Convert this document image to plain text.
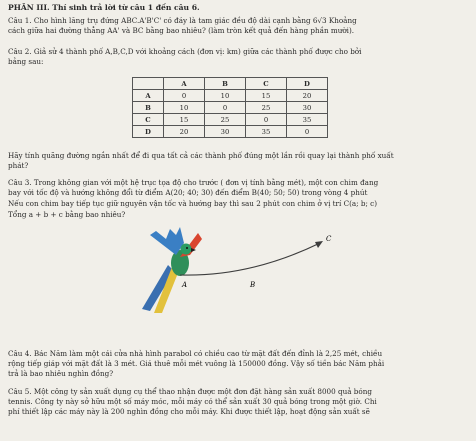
PHẦN III. Thí sinh trả lời từ câu 1 đến câu 6.
Câu 1. Cho hình lăng trụ đứng ABC.A'B'C' có đáy là tam giác đều độ dài cạnh bằng 6√3 Khoảng
cách giữa hai đường thẳng AA' và BC bằng bao nhiêu? (làm tròn kết quả đến hàng phần mười).
Câu 2. Giả sử 4 thành phố A,B,C,D với khoảng cách (đơn vị: km) giữa các thành phố được cho bởi
bảng sau:
	A	B	C	D
A	0	10	15	20
B	10	0	25	30
C	15	25	0	35
D	20	30	35	0
Hãy tính quãng đường ngắn nhất để đi qua tất cả các thành phố đúng một lần rồi quay lại thành phố xuất
phát?
Câu 3. Trong không gian với một hệ trục tọa độ cho trước ( đơn vị tính bằng mét), một con chim đang
bay với tốc độ và hướng không đổi từ điểm A(20; 40; 30) đến điểm B(40; 50; 50) trong vòng 4 phút
Nếu con chim bay tiếp tục giữ nguyên vận tốc và hướng bay thì sau 2 phút con chim ở vị trí C(a; b; c)
Tổng a + b + c bằng bao nhiêu?
A	B
C
Câu 4. Bác Năm làm một cái cửa nhà hình parabol có chiều cao từ mặt đất đến đỉnh là 2,25 mét, chiều
rộng tiếp giáp với mặt đất là 3 mét. Giá thuê mỗi mét vuông là 150000 đồng. Vậy số tiền bác Năm phải
trả là bao nhiêu nghìn đồng?
Câu 5. Một công ty sản xuất dụng cụ thể thao nhận được một đơn đặt hàng sản xuất 8000 quả bóng
tennis. Công ty này sở hữu một số máy móc, mỗi máy có thể sản xuất 30 quả bóng trong một giờ. Chi
phí thiết lập các máy này là 200 nghìn đồng cho mỗi máy. Khi được thiết lập, hoạt động sản xuất sẽ
